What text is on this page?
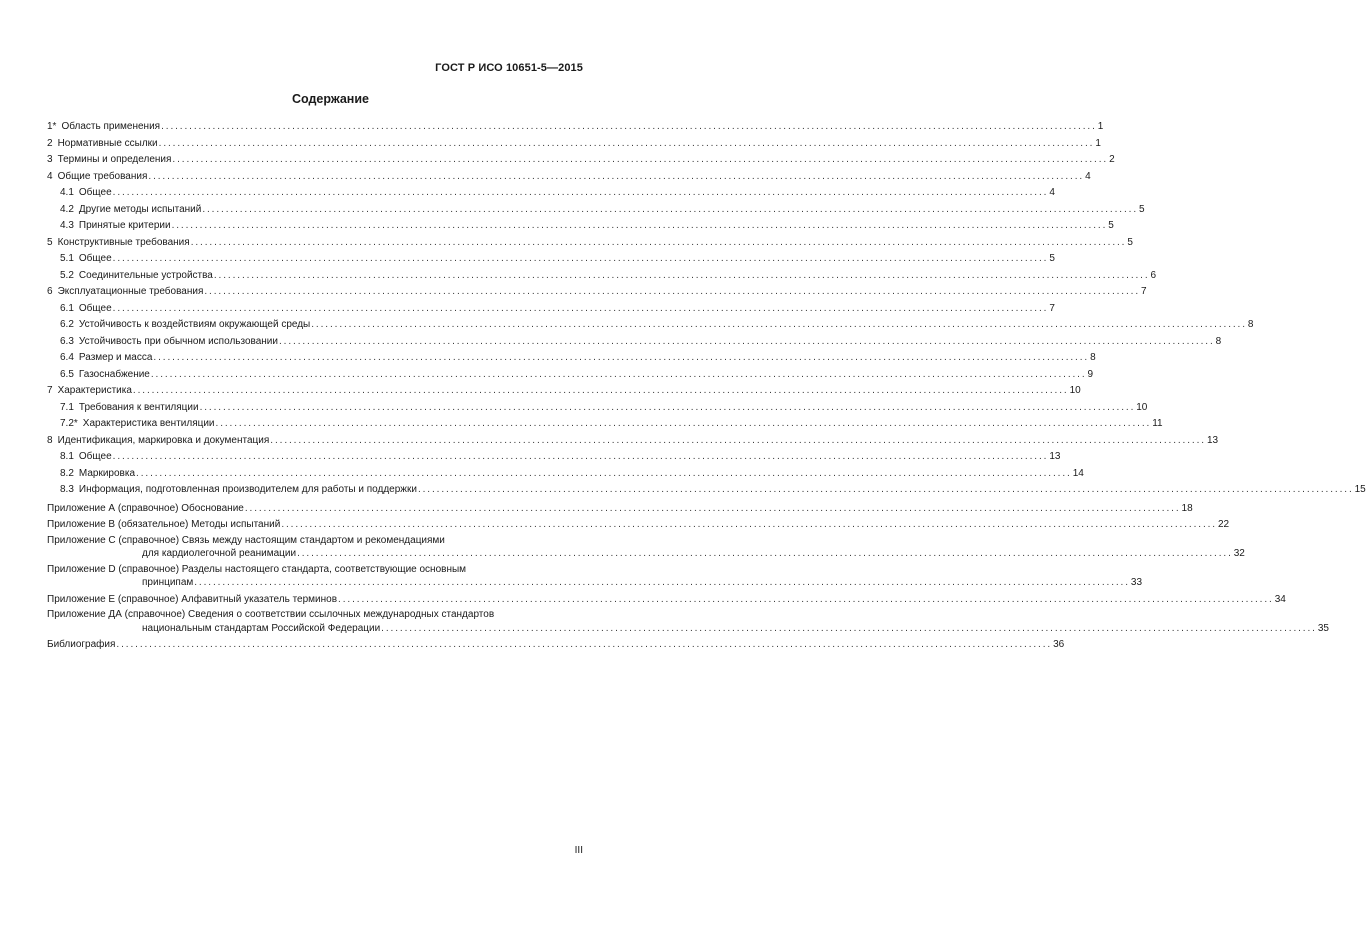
ГОСТ Р ИСО 10651-5—2015
Содержание
1* Область применения ........................................................................................................................................................................................................ 1
2 Нормативные ссылки ........................................................................................................................................................................................................ 1
3 Термины и определения ........................................................................................................................................................................................................ 2
4 Общие требования ........................................................................................................................................................................................................ 4
4.1 Общее ........................................................................................................................................................................................................ 4
4.2 Другие методы испытаний ........................................................................................................................................................................................................ 5
4.3 Принятые критерии ........................................................................................................................................................................................................ 5
5 Конструктивные требования ........................................................................................................................................................................................................ 5
5.1 Общее ........................................................................................................................................................................................................ 5
5.2 Соединительные устройства ........................................................................................................................................................................................................ 6
6 Эксплуатационные требования ........................................................................................................................................................................................................ 7
6.1 Общее ........................................................................................................................................................................................................ 7
6.2 Устойчивость к воздействиям окружающей среды ........................................................................................................................................................................................................ 8
6.3 Устойчивость при обычном использовании ........................................................................................................................................................................................................ 8
6.4 Размер и масса ........................................................................................................................................................................................................ 8
6.5 Газоснабжение ........................................................................................................................................................................................................ 9
7 Характеристика ........................................................................................................................................................................................................ 10
7.1 Требования к вентиляции ........................................................................................................................................................................................................ 10
7.2* Характеристика вентиляции ........................................................................................................................................................................................................ 11
8 Идентификация, маркировка и документация ........................................................................................................................................................................................................ 13
8.1 Общее ........................................................................................................................................................................................................ 13
8.2 Маркировка ........................................................................................................................................................................................................ 14
8.3 Информация, подготовленная производителем для работы и поддержки ........................................................................................................................................................................................................ 15
Приложение А (справочное) Обоснование ........................................................................................................................................................................................................ 18
Приложение В (обязательное) Методы испытаний ........................................................................................................................................................................................................ 22
Приложение С (справочное) Связь между настоящим стандартом и рекомендациями
для кардиолегочной реанимации ........................................................................................................................................................................................................ 32
Приложение D (справочное) Разделы настоящего стандарта, соответствующие основным
принципам ........................................................................................................................................................................................................ 33
Приложение Е (справочное) Алфавитный указатель терминов ........................................................................................................................................................................................................ 34
Приложение ДА (справочное) Сведения о соответствии ссылочных международных стандартов
национальным стандартам Российской Федерации ........................................................................................................................................................................................................ 35
Библиография ........................................................................................................................................................................................................ 36
III
